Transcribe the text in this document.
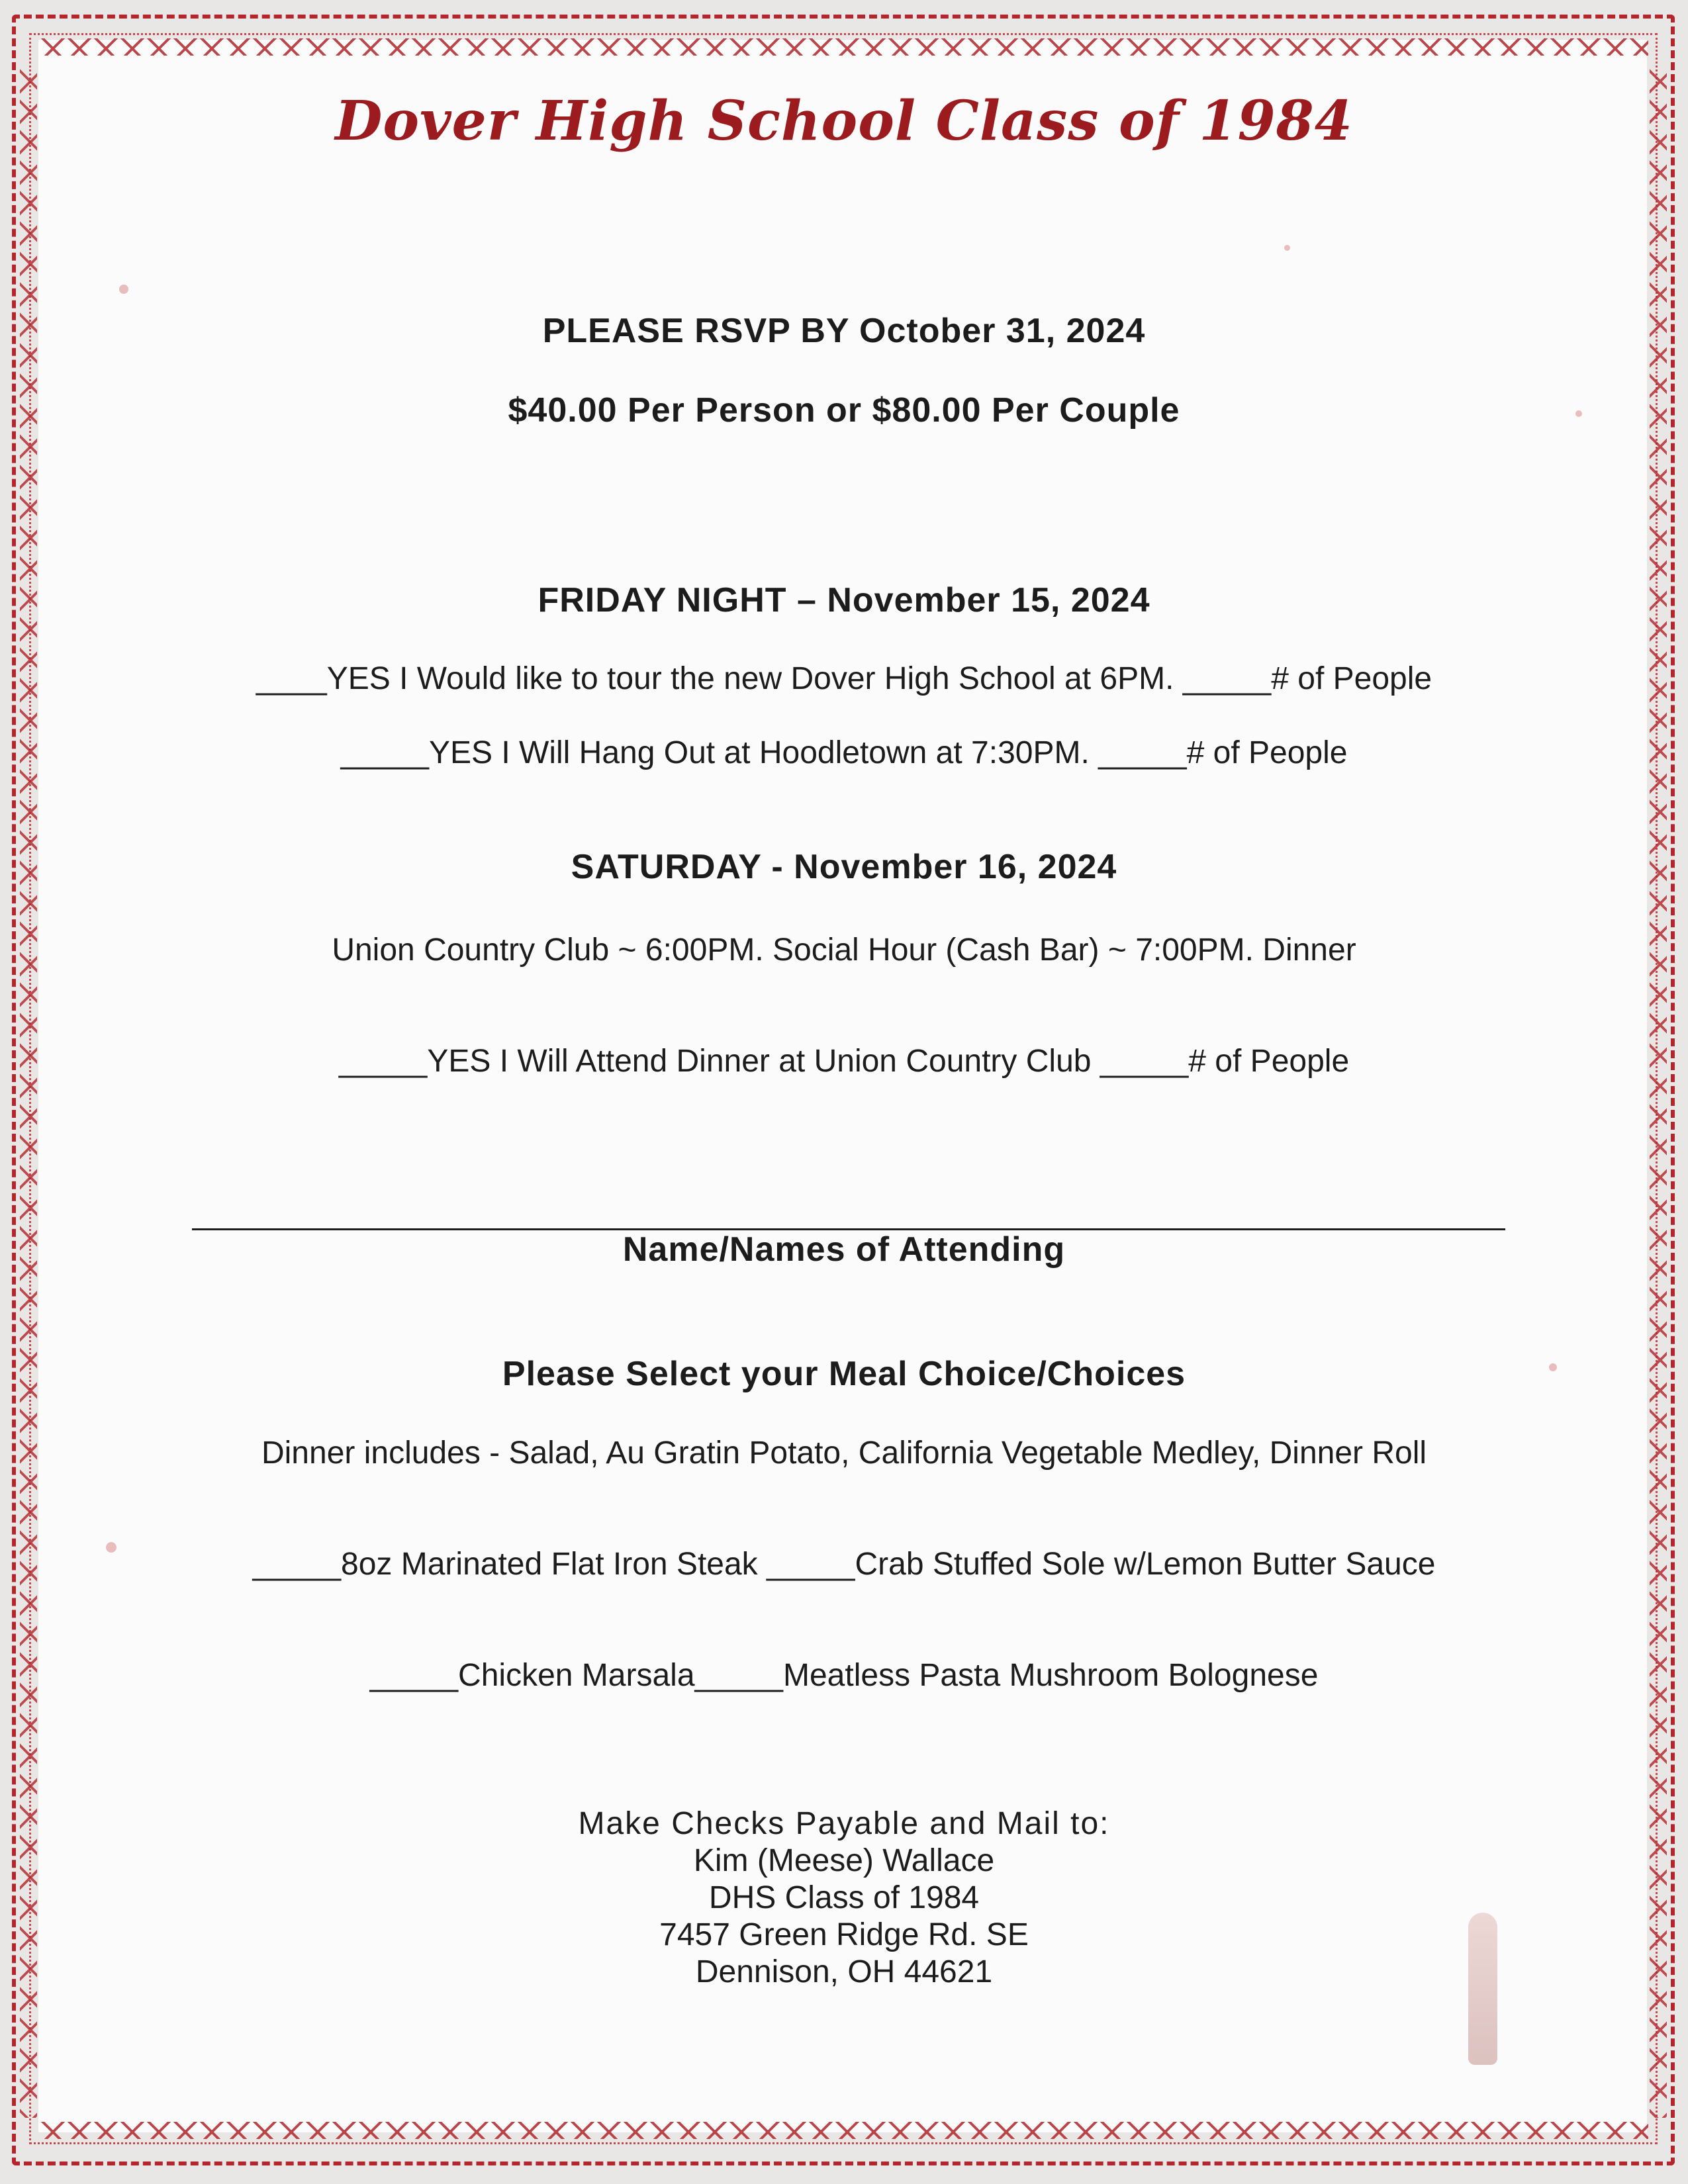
Dover High School Class of 1984
PLEASE RSVP BY October 31, 2024
$40.00 Per Person or $80.00 Per Couple
FRIDAY NIGHT – November 15, 2024
____YES I Would like to tour the new Dover High School at 6PM. _____# of People
_____YES I Will Hang Out at Hoodletown at 7:30PM. _____# of People
SATURDAY - November 16, 2024
Union Country Club ~ 6:00PM. Social Hour (Cash Bar) ~ 7:00PM. Dinner
_____YES I Will Attend Dinner at Union Country Club _____# of People
Name/Names of Attending
Please Select your Meal Choice/Choices
Dinner includes - Salad, Au Gratin Potato, California Vegetable Medley, Dinner Roll
_____8oz Marinated Flat Iron Steak _____Crab Stuffed Sole w/Lemon Butter Sauce
_____Chicken Marsala_____Meatless Pasta Mushroom Bolognese
Make Checks Payable and Mail to:
Kim (Meese) Wallace
DHS Class of 1984
7457 Green Ridge Rd. SE
Dennison, OH 44621
